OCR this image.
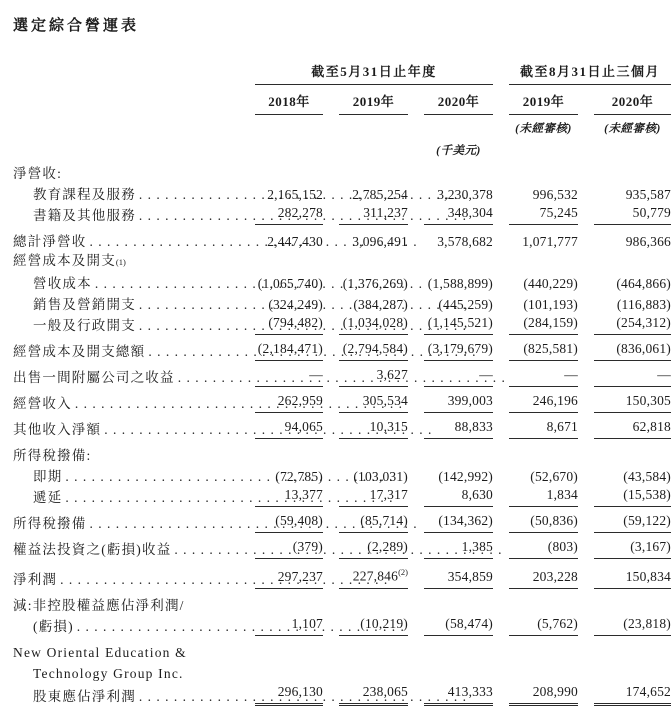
選定綜合營運表
截至5月31日止年度	截至8月31日止三個月
2018年	2019年	2020年	2019年	2020年
(未經審核)	(未經審核)
(千美元)
淨營收:
教育課程及服務 . . .	2,165,152	2,785,254	3,230,378	996,532	935,587
書籍及其他服務 . . .	282,278	311,237	348,304	75,245	50,779
總計淨營收 . . .	2,447,430	3,096,491	3,578,682	1,071,777	986,366
經營成本及開支 (1)
營收成本 . . .	(1,065,740) (1,376,269) (1,588,899)	(440,229)	(464,866)
銷售及營銷開支 . . .	(324,249)	(384,287)	(445,259)	(101,193)	(116,883)
一般及行政開支 . . .	(794,482) (1,034,028) (1,145,521)	(284,159)	(254,312)
經營成本及開支總額 . . .	(2,184,471) (2,794,584) (3,179,679)	(825,581)	(836,061)
出售一間附屬公司之收益 . . .	—	3,627	—	—	—
經營收入 . . .	262,959	305,534	399,003	246,196	150,305
其他收入淨額 . . .	94,065	10,315	88,833	8,671	62,818
所得稅撥備:
即期 . . .	(72,785)	(103,031)	(142,992)	(52,670)	(43,584)
遞延 . . .	13,377	17,317	8,630	1,834	(15,538)
所得稅撥備 . . .	(59,408)	(85,714)	(134,362)	(50,836)	(59,122)
權益法投資之(虧損)收益 . . .	(379)	(2,289)	1,385	(803)	(3,167)
淨利潤 . . .	297,237	227,846$^{(2)}$	354,859	203,228	150,834
減:非控股權益應佔淨利潤/
(虧損) . . .	1,107	(10,219)	(58,474)	(5,762)	(23,818)
New Oriental Education &
Technology Group Inc.
股東應佔淨利潤 . . .	296,130	238,065	413,333	208,990	174,652
